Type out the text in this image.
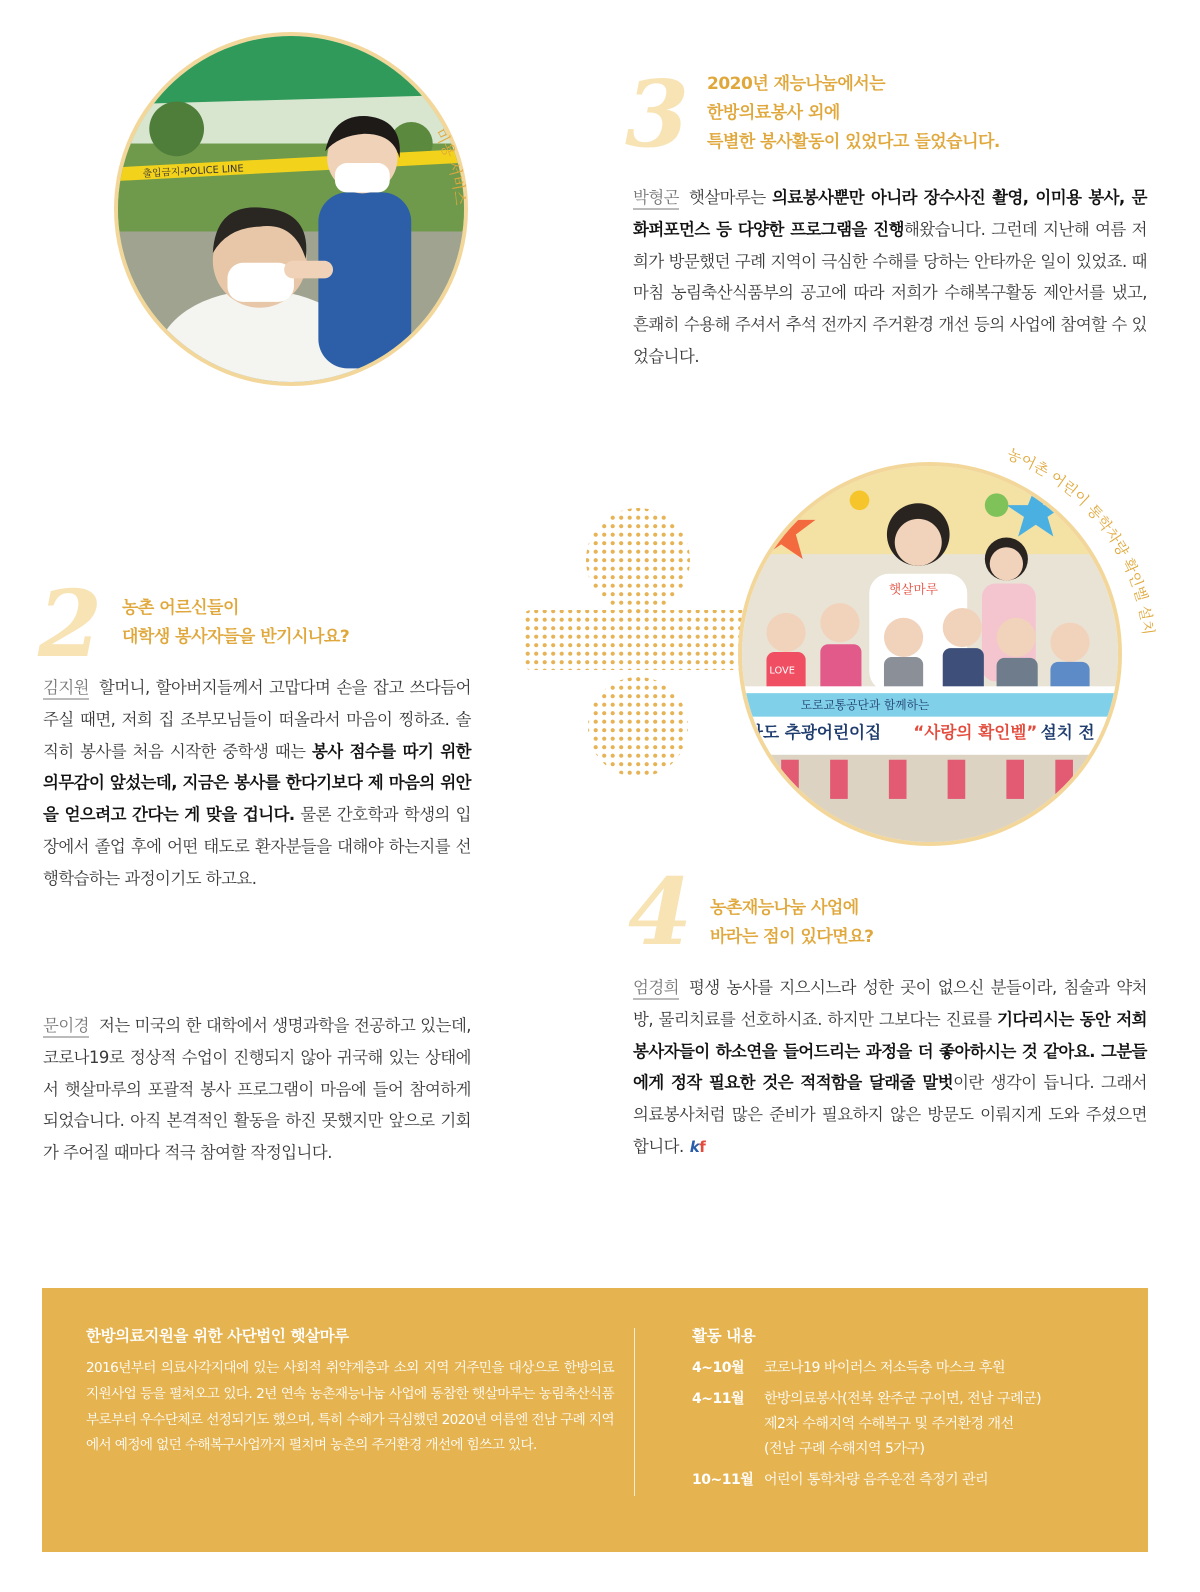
출입금지-POLICE LINE
미용 서비스
3 2020년 재능나눔에서는
한방의료봉사 외에
특별한 봉사활동이 있었다고 들었습니다.
박형곤 햇살마루는 의료봉사뿐만 아니라 장수사진 촬영, 이미용 봉사, 문화퍼포먼스 등 다양한 프로그램을 진행해왔습니다. 그런데 지난해 여름 저희가 방문했던 구례 지역이 극심한 수해를 당하는 안타까운 일이 있었죠. 때마침 농림축산식품부의 공고에 따라 저희가 수해복구활동 제안서를 냈고, 흔쾌히 수용해 주셔서 추석 전까지 주거환경 개선 등의 사업에 참여할 수 있었습니다.
햇살마루
LOVE
도로교통공단과 함께하는
자도 추광어린이집 “사랑의 확인벨” 설치 전
농어촌 어린이 통학차량 확인벨 설치
2 농촌 어르신들이
대학생 봉사자들을 반기시나요?
김지원 할머니, 할아버지들께서 고맙다며 손을 잡고 쓰다듬어 주실 때면, 저희 집 조부모님들이 떠올라서 마음이 찡하죠. 솔직히 봉사를 처음 시작한 중학생 때는 봉사 점수를 따기 위한 의무감이 앞섰는데, 지금은 봉사를 한다기보다 제 마음의 위안을 얻으려고 간다는 게 맞을 겁니다. 물론 간호학과 학생의 입장에서 졸업 후에 어떤 태도로 환자분들을 대해야 하는지를 선행학습하는 과정이기도 하고요.
문이경 저는 미국의 한 대학에서 생명과학을 전공하고 있는데, 코로나19로 정상적 수업이 진행되지 않아 귀국해 있는 상태에서 햇살마루의 포괄적 봉사 프로그램이 마음에 들어 참여하게 되었습니다. 아직 본격적인 활동을 하진 못했지만 앞으로 기회가 주어질 때마다 적극 참여할 작정입니다.
4 농촌재능나눔 사업에
바라는 점이 있다면요?
엄경희 평생 농사를 지으시느라 성한 곳이 없으신 분들이라, 침술과 약처방, 물리치료를 선호하시죠. 하지만 그보다는 진료를 기다리시는 동안 저희 봉사자들이 하소연을 들어드리는 과정을 더 좋아하시는 것 같아요. 그분들에게 정작 필요한 것은 적적함을 달래줄 말벗이란 생각이 듭니다. 그래서 의료봉사처럼 많은 준비가 필요하지 않은 방문도 이뤄지게 도와 주셨으면 합니다. kf
한방의료지원을 위한 사단법인 햇살마루
2016년부터 의료사각지대에 있는 사회적 취약계층과 소외 지역 거주민을 대상으로 한방의료지원사업 등을 펼쳐오고 있다. 2년 연속 농촌재능나눔 사업에 동참한 햇살마루는 농림축산식품부로부터 우수단체로 선정되기도 했으며, 특히 수해가 극심했던 2020년 여름엔 전남 구례 지역에서 예정에 없던 수해복구사업까지 펼치며 농촌의 주거환경 개선에 힘쓰고 있다.
활동 내용
4~10월	코로나19 바이러스 저소득층 마스크 후원
4~11월	한방의료봉사(전북 완주군 구이면, 전남 구례군)
제2차 수해지역 수해복구 및 주거환경 개선
(전남 구례 수해지역 5가구)
10~11월 어린이 통학차량 음주운전 측정기 관리
